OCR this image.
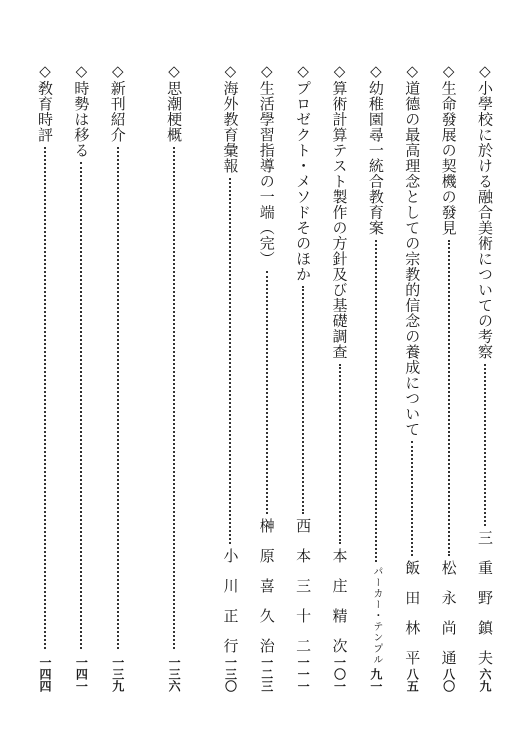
◇小學校に於ける融合美術についての考察
三　重　野　鎮　夫
六九
◇生命發展の契機の發見
松　永　尚　通
八〇
◇道德の最高理念としての宗教的信念の養成について
飯　田　林　平
八五
◇幼稚園尋一統合教育案
パーカー・テンプル
九一
◇算術計算テスト製作の方針及び基礎調查
本　庄　精　次
一〇一
◇プロゼクト・メソドそのほか
西　本　三　十　二
一一一
◇生活學習指導の一端（完）
榊　原　喜　久　治
一二三
◇海外教育彙報
小　川　正　行
一三〇
◇思潮梗概
一三六
◇新刊紹介
一三九
◇時勢は移る
一四一
◇敎育時評
一四四
